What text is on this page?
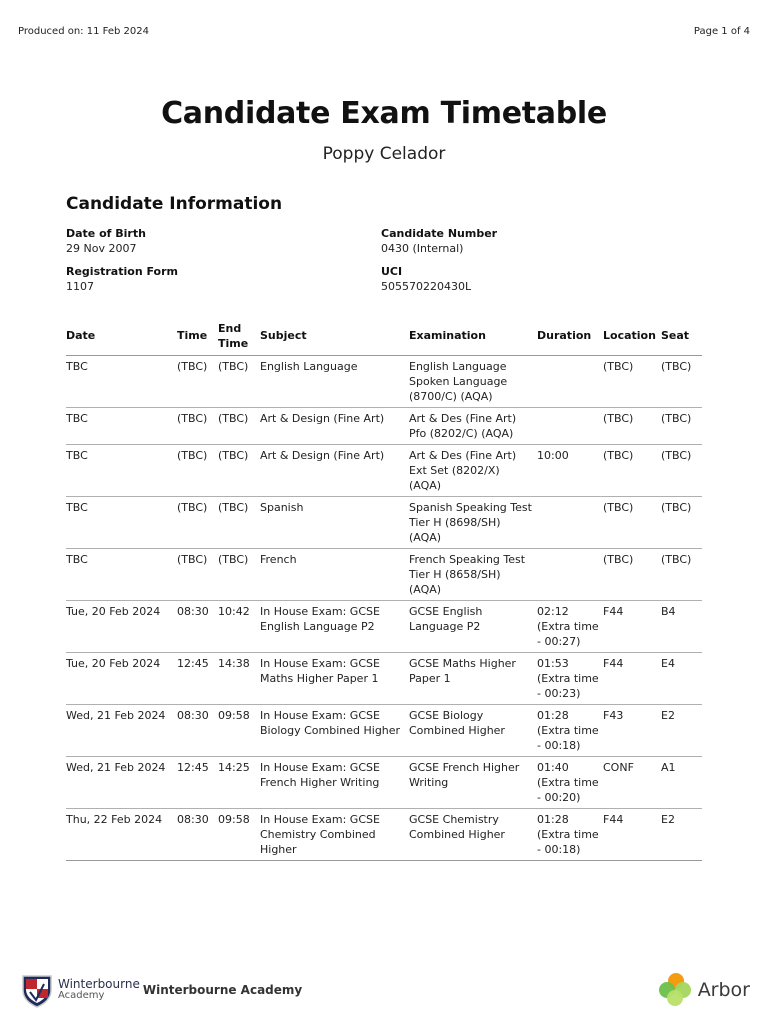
Produced on: 11 Feb 2024	Page 1 of 4
Candidate Exam Timetable
Poppy Celador
Candidate Information
Date of Birth
29 Nov 2007
Candidate Number
0430 (Internal)
Registration Form
1107
UCI
505570220430L
Date	Time	End Time	Subject	Examination	Duration	Location	Seat
TBC	(TBC)	(TBC)	English Language	English Language Spoken Language (8700/C) (AQA)		(TBC)	(TBC)
TBC	(TBC)	(TBC)	Art & Design (Fine Art)	Art & Des (Fine Art) Pfo (8202/C) (AQA)		(TBC)	(TBC)
TBC	(TBC)	(TBC)	Art & Design (Fine Art)	Art & Des (Fine Art) Ext Set (8202/X) (AQA)	10:00	(TBC)	(TBC)
TBC	(TBC)	(TBC)	Spanish	Spanish Speaking Test Tier H (8698/SH) (AQA)		(TBC)	(TBC)
TBC	(TBC)	(TBC)	French	French Speaking Test Tier H (8658/SH) (AQA)		(TBC)	(TBC)
Tue, 20 Feb 2024	08:30	10:42	In House Exam: GCSE English Language P2	GCSE English Language P2	02:12 (Extra time - 00:27)	F44	B4
Tue, 20 Feb 2024	12:45	14:38	In House Exam: GCSE Maths Higher Paper 1	GCSE Maths Higher Paper 1	01:53 (Extra time - 00:23)	F44	E4
Wed, 21 Feb 2024	08:30	09:58	In House Exam: GCSE Biology Combined Higher	GCSE Biology Combined Higher	01:28 (Extra time - 00:18)	F43	E2
Wed, 21 Feb 2024	12:45	14:25	In House Exam: GCSE French Higher Writing	GCSE French Higher Writing	01:40 (Extra time - 00:20)	CONF	A1
Thu, 22 Feb 2024	08:30	09:58	In House Exam: GCSE Chemistry Combined Higher	GCSE Chemistry Combined Higher	01:28 (Extra time - 00:18)	F44	E2
Winterbourne
Academy	Winterbourne Academy	Arbor
